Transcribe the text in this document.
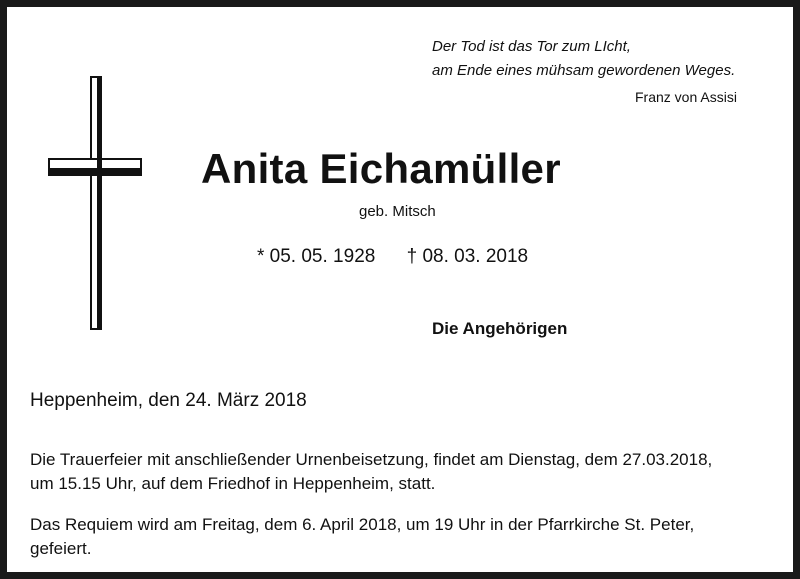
Der Tod ist das Tor zum LIcht,
am Ende eines mühsam gewordenen Weges.
Franz von Assisi
Anita Eichamüller
geb. Mitsch
* 05. 05. 1928 † 08. 03. 2018
Die Angehörigen
Heppenheim, den 24. März 2018
Die Trauerfeier mit anschließender Urnenbeisetzung, findet am Dienstag, dem 27.03.2018,
um 15.15 Uhr, auf dem Friedhof in Heppenheim, statt.
Das Requiem wird am Freitag, dem 6. April 2018, um 19 Uhr in der Pfarrkirche St. Peter,
gefeiert.
